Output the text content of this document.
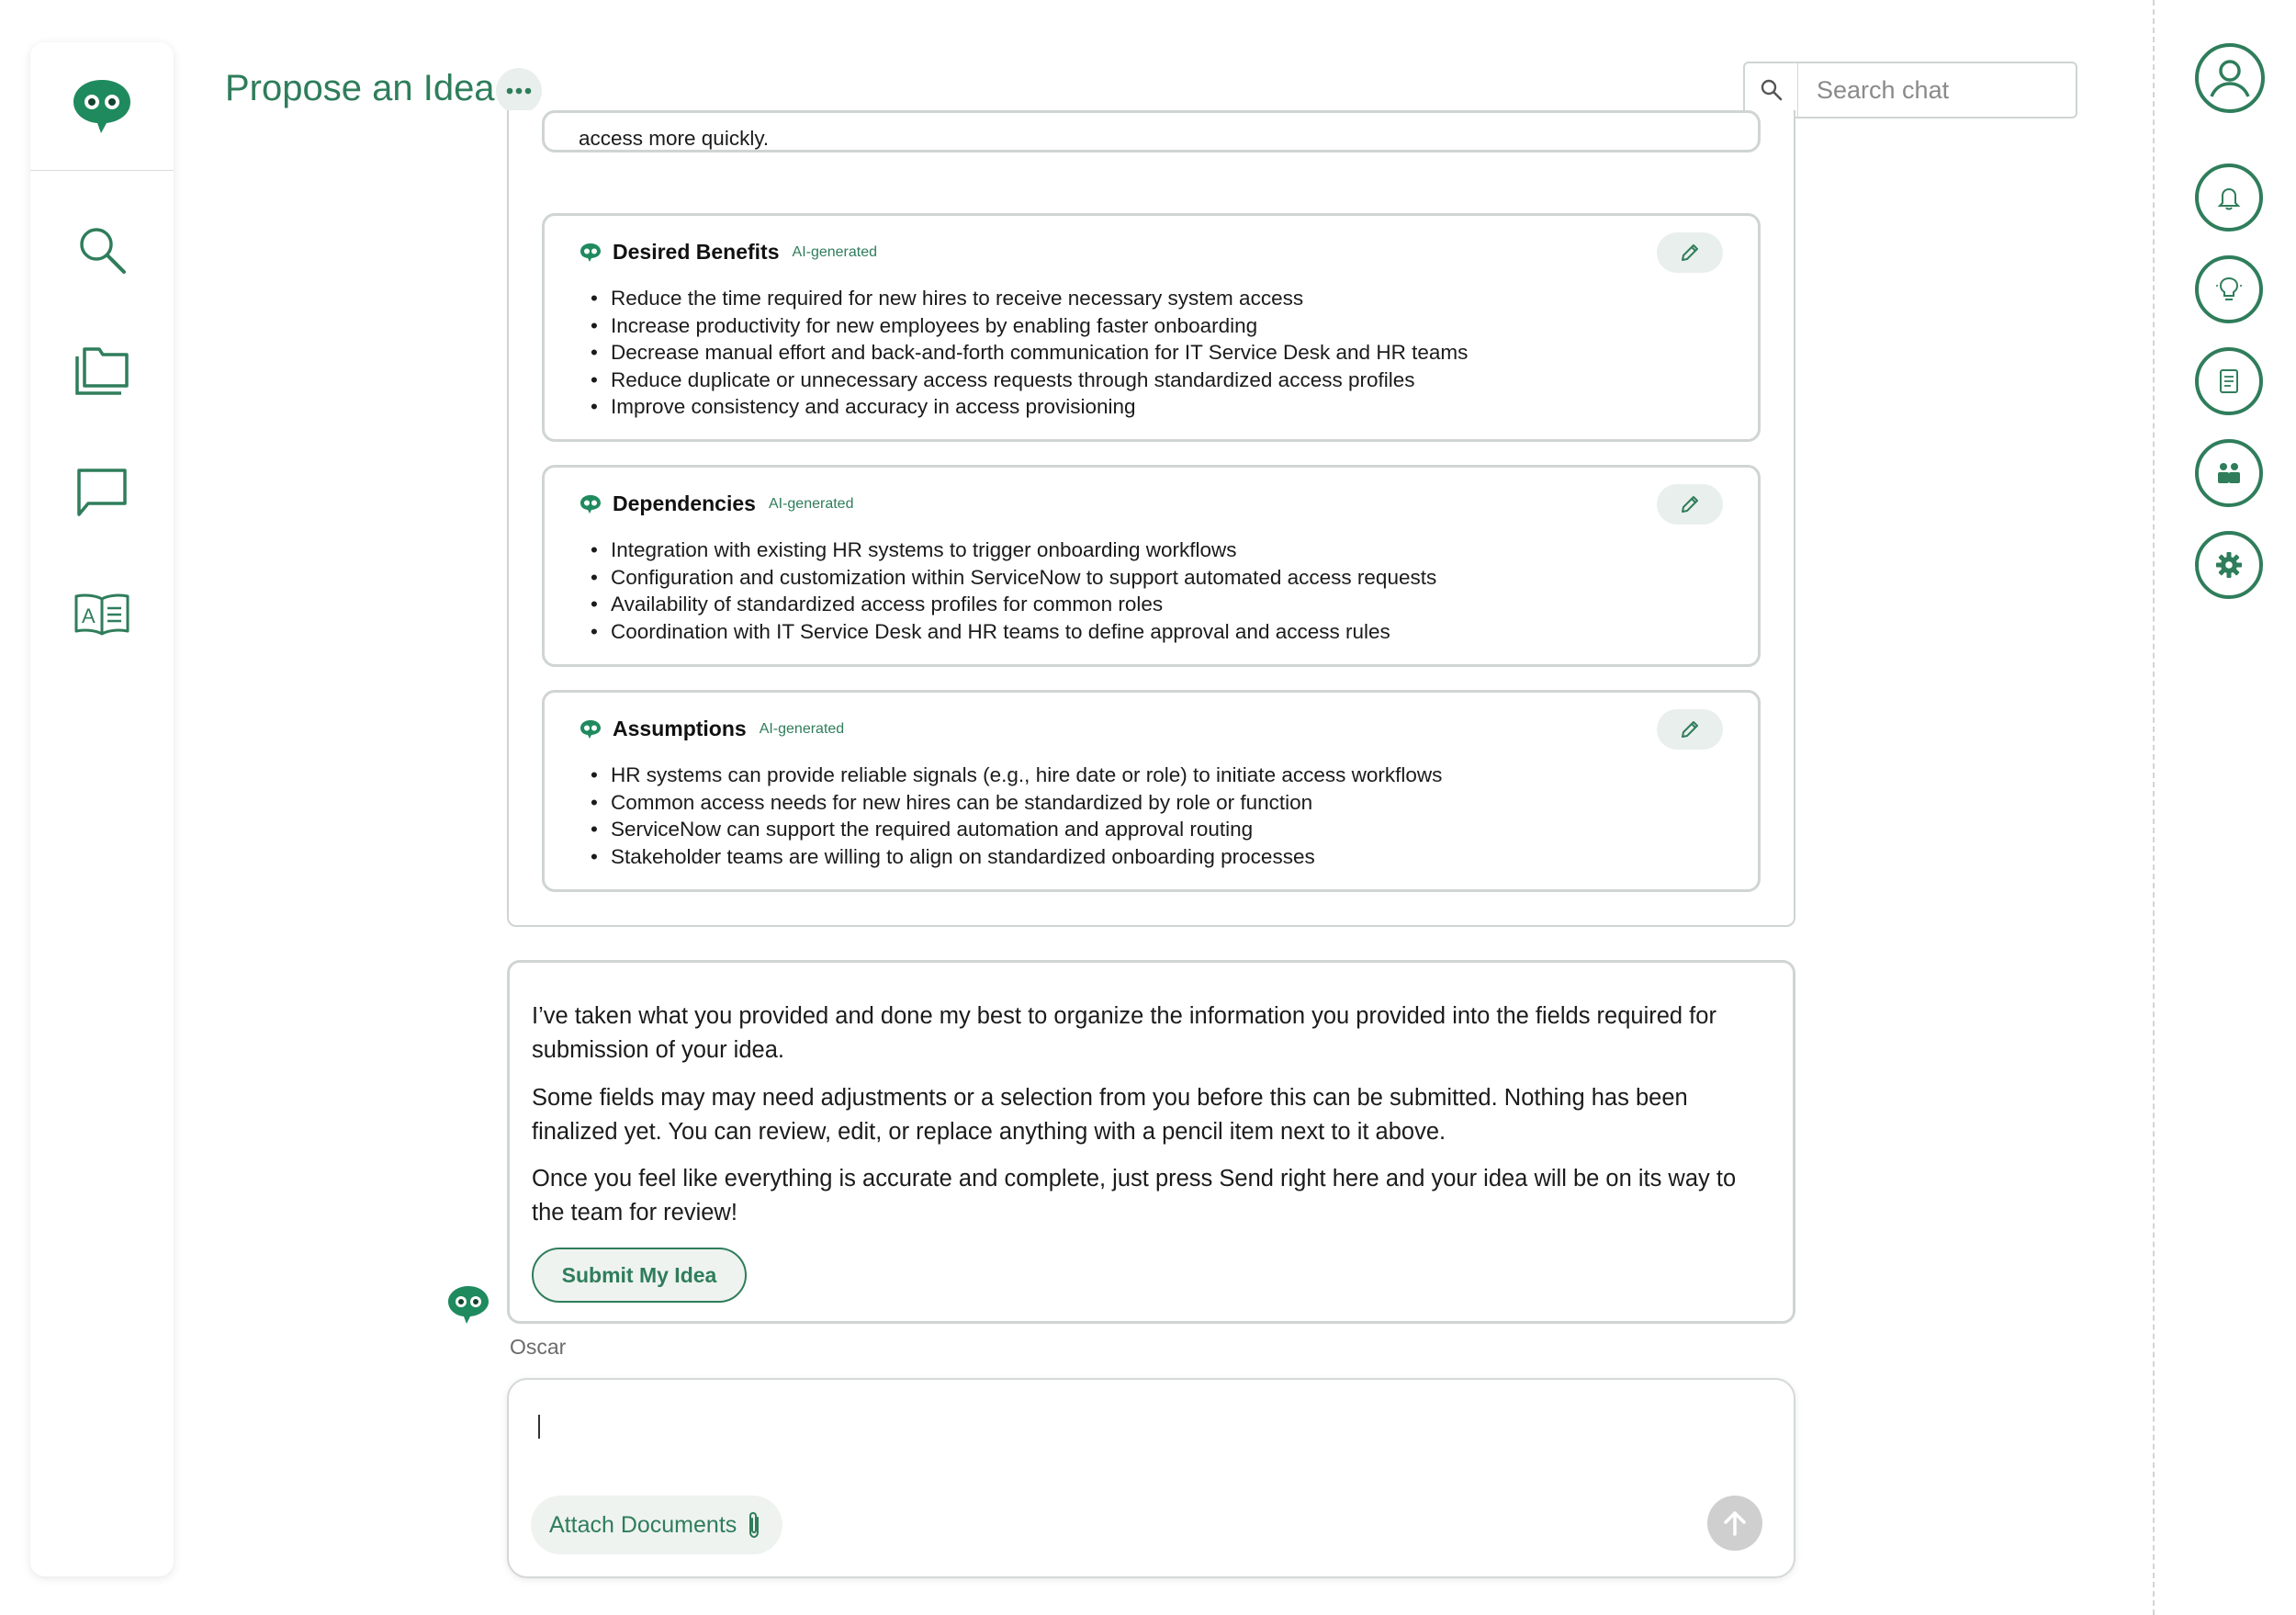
A
Propose an Idea
Search chat
access more quickly.
Desired Benefits AI-generated
• Reduce the time required for new hires to receive necessary system access
• Increase productivity for new employees by enabling faster onboarding
• Decrease manual effort and back-and-forth communication for IT Service Desk and HR teams
• Reduce duplicate or unnecessary access requests through standardized access profiles
• Improve consistency and accuracy in access provisioning
Dependencies AI-generated
• Integration with existing HR systems to trigger onboarding workflows
• Configuration and customization within ServiceNow to support automated access requests
• Availability of standardized access profiles for common roles
• Coordination with IT Service Desk and HR teams to define approval and access rules
Assumptions AI-generated
• HR systems can provide reliable signals (e.g., hire date or role) to initiate access workflows
• Common access needs for new hires can be standardized by role or function
• ServiceNow can support the required automation and approval routing
• Stakeholder teams are willing to align on standardized onboarding processes

I’ve taken what you provided and done my best to organize the information you provided into the fields required for submission of your idea.

Some fields may may need adjustments or a selection from you before this can be submitted. Nothing has been finalized yet. You can review, edit, or replace anything with a pencil item next to it above.

Once you feel like everything is accurate and complete, just press Send right here and your idea will be on its way to the team for review!

Submit My Idea
Oscar
Attach Documents
